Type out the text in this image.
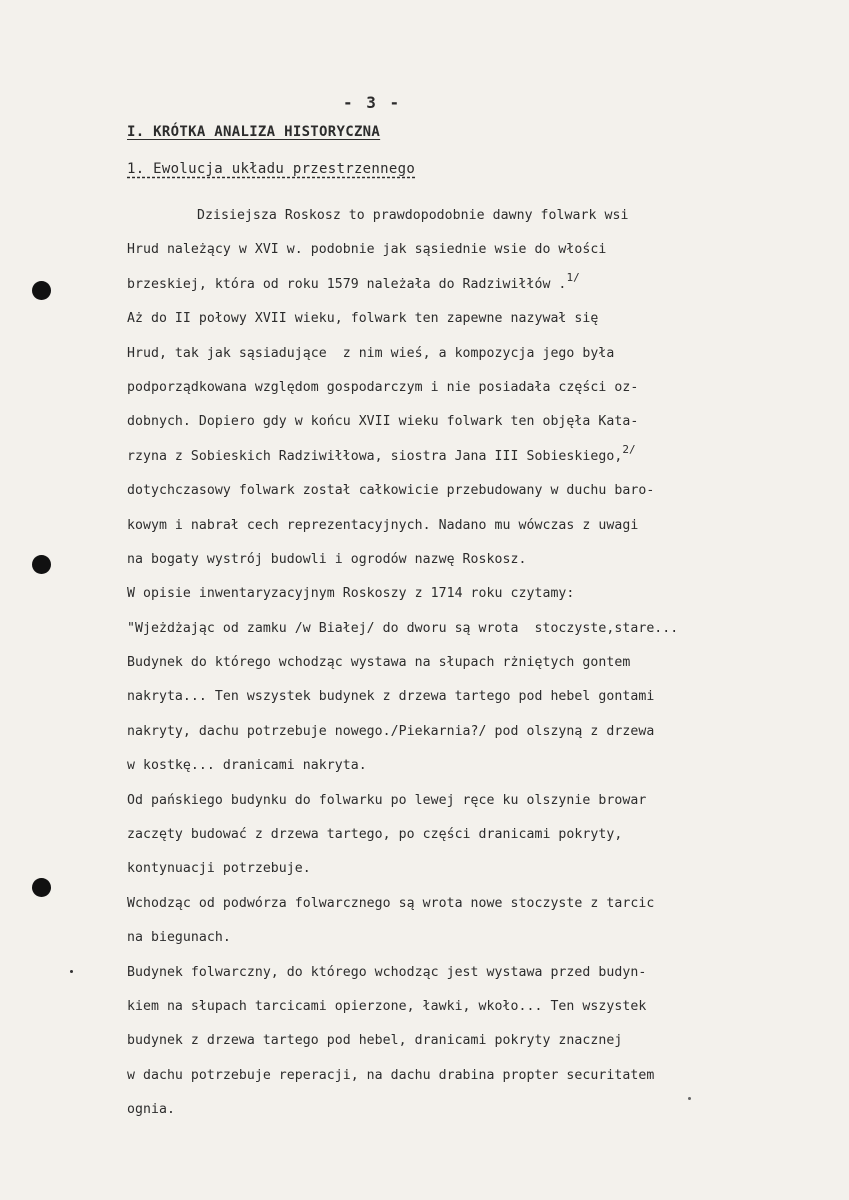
- 3 -
I. KRÓTKA ANALIZA HISTORYCZNA
1. Ewolucja układu przestrzennego
Dzisiejsza Roskosz to prawdopodobnie dawny folwark wsi
Hrud należący w XVI w. podobnie jak sąsiednie wsie do włości
brzeskiej, która od roku 1579 należała do Radziwiłłów .$^{1/}$
Aż do II połowy XVII wieku, folwark ten zapewne nazywał się
Hrud, tak jak sąsiadujące  z nim wieś, a kompozycja jego była
podporządkowana względom gospodarczym i nie posiadała części oz-
dobnych. Dopiero gdy w końcu XVII wieku folwark ten objęła Kata-
rzyna z Sobieskich Radziwiłłowa, siostra Jana III Sobieskiego,$^{2/}$
dotychczasowy folwark został całkowicie przebudowany w duchu baro-
kowym i nabrał cech reprezentacyjnych. Nadano mu wówczas z uwagi
na bogaty wystrój budowli i ogrodów nazwę Roskosz.
W opisie inwentaryzacyjnym Roskoszy z 1714 roku czytamy:
"Wjeżdżając od zamku /w Białej/ do dworu są wrota  stoczyste,stare...
Budynek do którego wchodząc wystawa na słupach rżniętych gontem
nakryta... Ten wszystek budynek z drzewa tartego pod hebel gontami
nakryty, dachu potrzebuje nowego./Piekarnia?/ pod olszyną z drzewa
w kostkę... dranicami nakryta.
Od pańskiego budynku do folwarku po lewej ręce ku olszynie browar
zaczęty budować z drzewa tartego, po części dranicami pokryty,
kontynuacji potrzebuje.
Wchodząc od podwórza folwarcznego są wrota nowe stoczyste z tarcic
na biegunach.
Budynek folwarczny, do którego wchodząc jest wystawa przed budyn-
kiem na słupach tarcicami opierzone, ławki, wkoło... Ten wszystek
budynek z drzewa tartego pod hebel, dranicami pokryty znacznej
w dachu potrzebuje reperacji, na dachu drabina propter securitatem
ognia.
